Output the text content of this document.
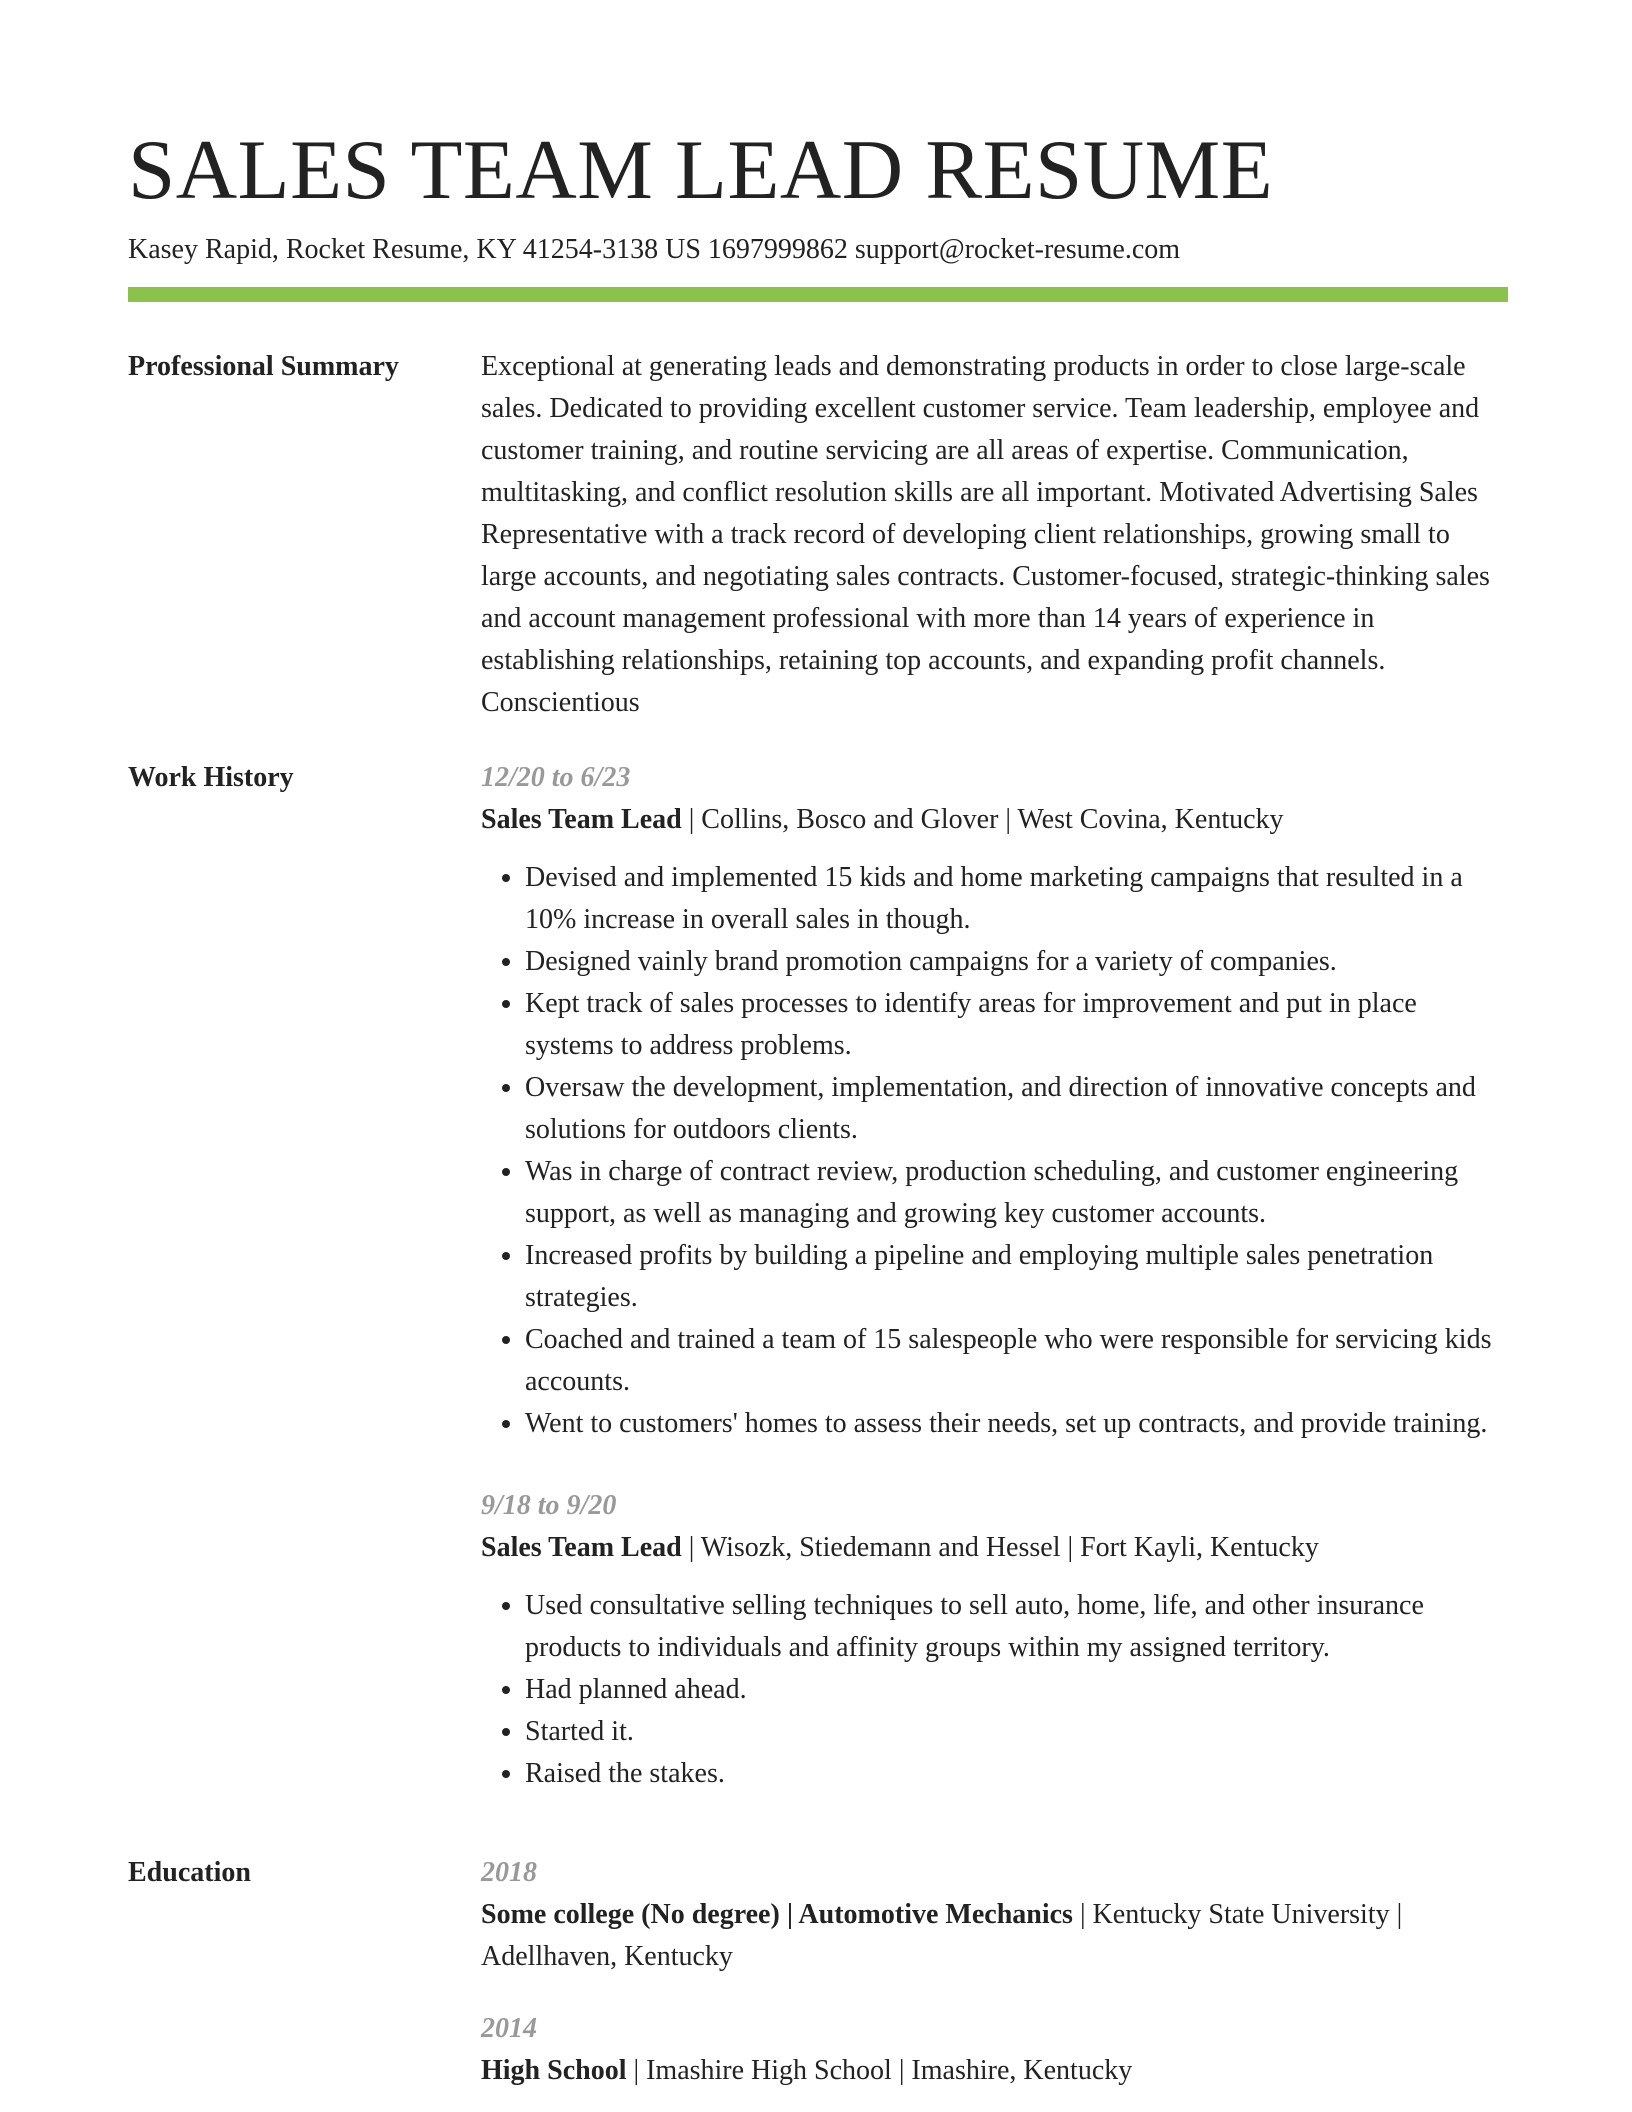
SALES TEAM LEAD RESUME
Kasey Rapid, Rocket Resume, KY 41254-3138 US 1697999862 support@rocket-resume.com
Professional Summary	Exceptional at generating leads and demonstrating products in order to close large-scale sales. Dedicated to providing excellent customer service. Team leadership, employee and customer training, and routine servicing are all areas of expertise. Communication, multitasking, and conflict resolution skills are all important. Motivated Advertising Sales Representative with a track record of developing client relationships, growing small to large accounts, and negotiating sales contracts. Customer-focused, strategic-thinking sales and account management professional with more than 14 years of experience in establishing relationships, retaining top accounts, and expanding profit channels. Conscientious

Work History	12/20 to 6/23
Sales Team Lead | Collins, Bosco and Glover | West Covina, Kentucky
• Devised and implemented 15 kids and home marketing campaigns that resulted in a 10% increase in overall sales in though.
• Designed vainly brand promotion campaigns for a variety of companies.
• Kept track of sales processes to identify areas for improvement and put in place systems to address problems.
• Oversaw the development, implementation, and direction of innovative concepts and solutions for outdoors clients.
• Was in charge of contract review, production scheduling, and customer engineering support, as well as managing and growing key customer accounts.
• Increased profits by building a pipeline and employing multiple sales penetration strategies.
• Coached and trained a team of 15 salespeople who were responsible for servicing kids accounts.
• Went to customers' homes to assess their needs, set up contracts, and provide training.
9/18 to 9/20
Sales Team Lead | Wisozk, Stiedemann and Hessel | Fort Kayli, Kentucky
• Used consultative selling techniques to sell auto, home, life, and other insurance products to individuals and affinity groups within my assigned territory.
• Had planned ahead.
• Started it.
• Raised the stakes.
Education	2018
Some college (No degree) | Automotive Mechanics | Kentucky State University | Adellhaven, Kentucky
2014
High School | Imashire High School | Imashire, Kentucky
